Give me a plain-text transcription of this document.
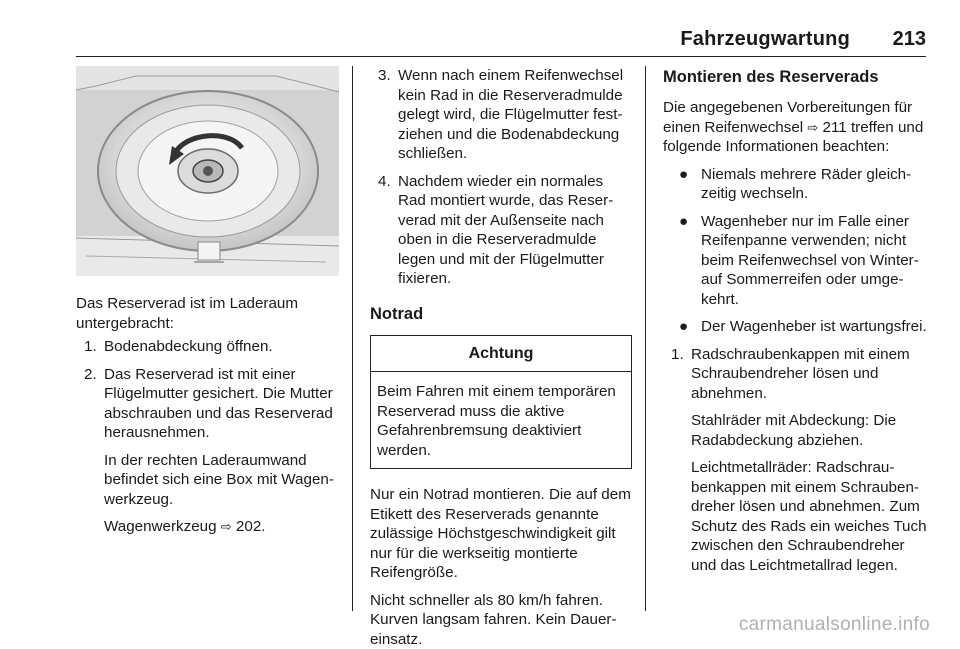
Fahrzeugwartung 213

Das Reserverad ist im Laderaum untergebracht:

1. Bodenabdeckung öffnen.
2. Das Reserverad ist mit einer Flügelmutter gesichert. Die Mutter abschrauben und das Reserverad herausnehmen.

In der rechten Laderaumwand befindet sich eine Box mit Wagenwerkzeug.

Wagenwerkzeug ⇨ 202.

3. Wenn nach einem Reifenwechsel kein Rad in die Reserveradmulde gelegt wird, die Flügelmutter festziehen und die Bodenabdeckung schließen.
4. Nachdem wieder ein normales Rad montiert wurde, das Reserverad mit der Außenseite nach oben in die Reserveradmulde legen und mit der Flügelmutter fixieren.
Notrad
Achtung
Beim Fahren mit einem temporären Reserverad muss die aktive Gefahrenbremsung deaktiviert werden.

Nur ein Notrad montieren. Die auf dem Etikett des Reserverads genannte zulässige Höchstgeschwindigkeit gilt nur für die werkseitig montierte Reifengröße.

Nicht schneller als 80 km/h fahren. Kurven langsam fahren. Kein Dauereinsatz.

Montieren des Reserverads

Die angegebenen Vorbereitungen für einen Reifenwechsel ⇨ 211 treffen und folgende Informationen beachten:

● Niemals mehrere Räder gleichzeitig wechseln.
● Wagenheber nur im Falle einer Reifenpanne verwenden; nicht beim Reifenwechsel von Winter- auf Sommerreifen oder umgekehrt.
● Der Wagenheber ist wartungsfrei.
1. Radschraubenkappen mit einem Schraubendreher lösen und abnehmen.

Stahlräder mit Abdeckung: Die Radabdeckung abziehen.

Leichtmetallräder: Radschraubenkappen mit einem Schraubendreher lösen und abnehmen. Zum Schutz des Rads ein weiches Tuch zwischen den Schraubendreher und das Leichtmetallrad legen.

carmanualsonline.info
